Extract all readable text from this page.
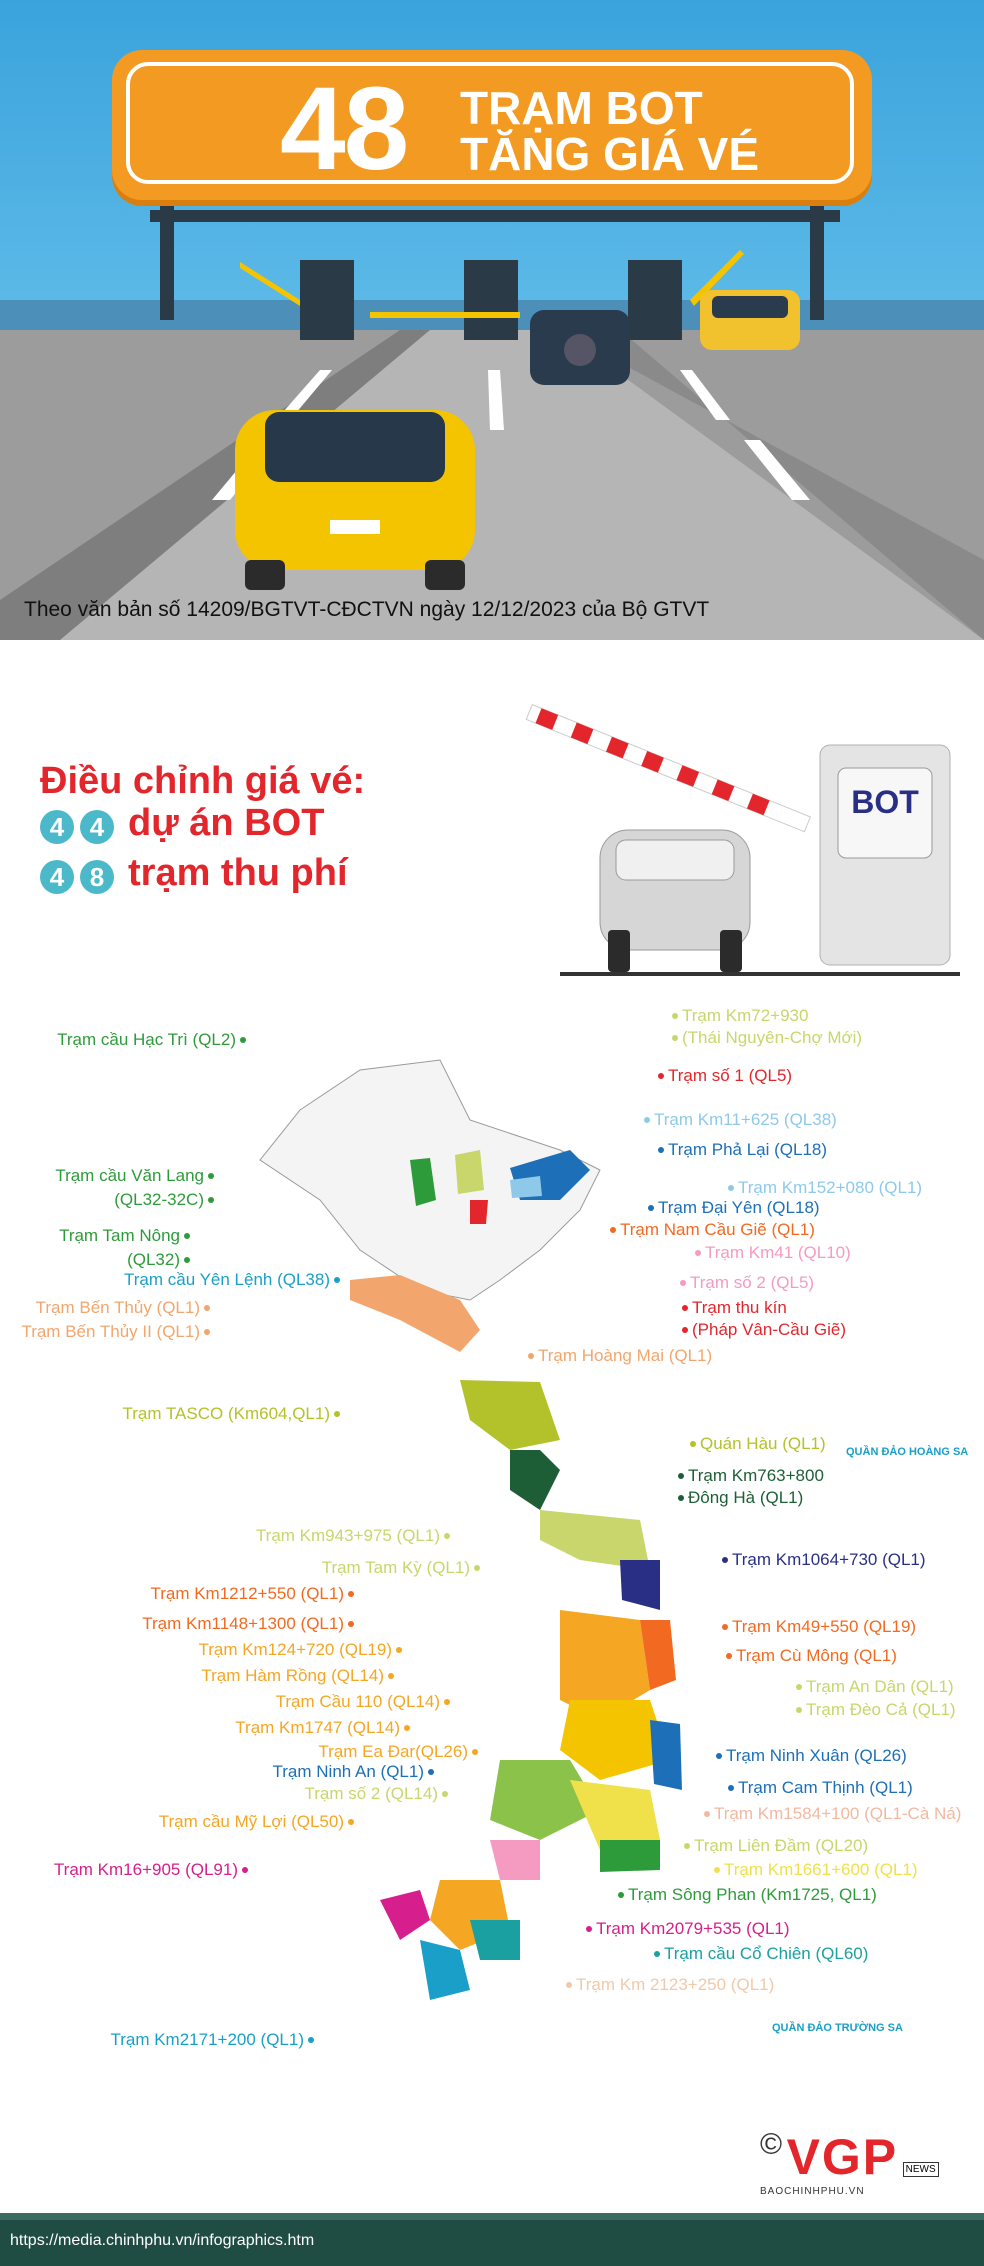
48 TRẠM BOT
TĂNG GIÁ VÉ
Theo văn bản số 14209/BGTVT-CĐCTVN ngày 12/12/2023 của Bộ GTVT
Điều chỉnh giá vé:
4 4 dự án BOT
4 8 trạm thu phí
BOT
QUẦN ĐẢO HOÀNG SA
QUẦN ĐẢO TRƯỜNG SA
Trạm cầu Hạc Trì (QL2)
Trạm cầu Văn Lang
(QL32-32C)
Trạm Tam Nông
(QL32)
Trạm cầu Yên Lệnh (QL38)
Trạm Bến Thủy (QL1)
Trạm Bến Thủy II (QL1)
Trạm TASCO (Km604,QL1)
Trạm Km943+975 (QL1)
Trạm Tam Kỳ (QL1)
Trạm Km1212+550 (QL1)
Trạm Km1148+1300 (QL1)
Trạm Km124+720 (QL19)
Trạm Hàm Rồng (QL14)
Trạm Cầu 110 (QL14)
Trạm Km1747 (QL14)
Trạm Ea Đar(QL26)
Trạm Ninh An (QL1)
Trạm số 2 (QL14)
Trạm cầu Mỹ Lợi (QL50)
Trạm Km16+905 (QL91)
Trạm Km2171+200 (QL1)
Trạm Km72+930
(Thái Nguyên-Chợ Mới)
Trạm số 1 (QL5)
Trạm Km11+625 (QL38)
Trạm Phả Lại (QL18)
Trạm Km152+080 (QL1)
Trạm Đại Yên (QL18)
Trạm Nam Cầu Giẽ (QL1)
Trạm Km41 (QL10)
Trạm số 2 (QL5)
Trạm thu kín
(Pháp Vân-Cầu Giẽ)
Trạm Hoàng Mai (QL1)
Quán Hàu (QL1)
Trạm Km763+800
Đông Hà (QL1)
Trạm Km1064+730 (QL1)
Trạm Km49+550 (QL19)
Trạm Cù Mông (QL1)
Trạm An Dân (QL1)
Trạm Đèo Cả (QL1)
Trạm Ninh Xuân (QL26)
Trạm Cam Thịnh (QL1)
Trạm Km1584+100 (QL1-Cà Ná)
Trạm Liên Đầm (QL20)
Trạm Km1661+600 (QL1)
Trạm Sông Phan (Km1725, QL1)
Trạm Km2079+535 (QL1)
Trạm cầu Cổ Chiên (QL60)
Trạm Km 2123+250 (QL1)
© VGP NEWS
BAOCHINHPHU.VN
https://media.chinhphu.vn/infographics.htm
